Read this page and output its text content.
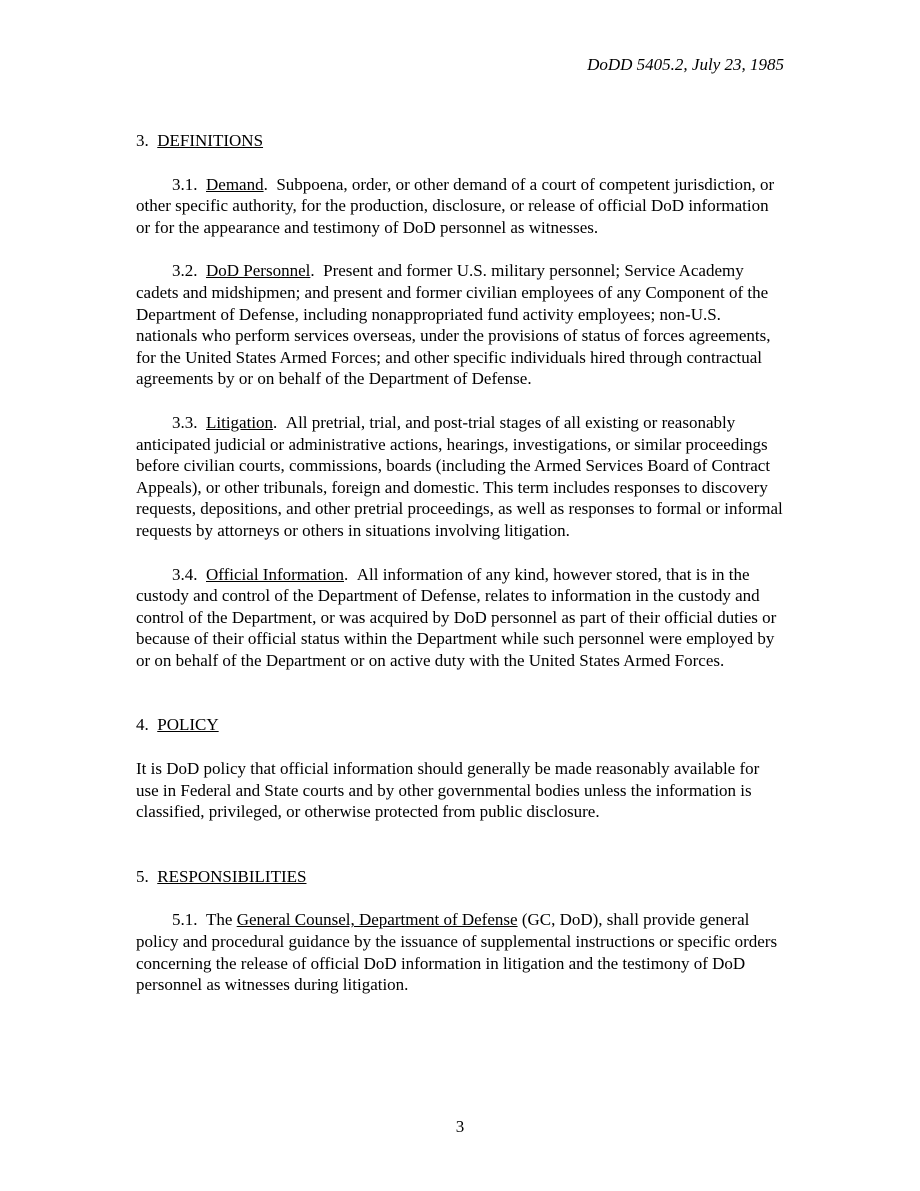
DoDD 5405.2, July 23, 1985

3. DEFINITIONS

3.1. Demand.  Subpoena, order, or other demand of a court of competent jurisdiction, or other specific authority, for the production, disclosure, or release of official DoD information or for the appearance and testimony of DoD personnel as witnesses.

3.2. DoD Personnel.  Present and former U.S. military personnel; Service Academy cadets and midshipmen; and present and former civilian employees of any Component of the Department of Defense, including nonappropriated fund activity employees; non-U.S. nationals who perform services overseas, under the provisions of status of forces agreements, for the United States Armed Forces; and other specific individuals hired through contractual agreements by or on behalf of the Department of Defense.

3.3. Litigation.  All pretrial, trial, and post-trial stages of all existing or reasonably anticipated judicial or administrative actions, hearings, investigations, or similar proceedings before civilian courts, commissions, boards (including the Armed Services Board of Contract Appeals), or other tribunals, foreign and domestic. This term includes responses to discovery requests, depositions, and other pretrial proceedings, as well as responses to formal or informal requests by attorneys or others in situations involving litigation.

3.4. Official Information.  All information of any kind, however stored, that is in the custody and control of the Department of Defense, relates to information in the custody and control of the Department, or was acquired by DoD personnel as part of their official duties or because of their official status within the Department while such personnel were employed by or on behalf of the Department or on active duty with the United States Armed Forces.

4. POLICY

It is DoD policy that official information should generally be made reasonably available for use in Federal and State courts and by other governmental bodies unless the information is classified, privileged, or otherwise protected from public disclosure.

5. RESPONSIBILITIES

5.1. The General Counsel, Department of Defense (GC, DoD), shall provide general policy and procedural guidance by the issuance of supplemental instructions or specific orders concerning the release of official DoD information in litigation and the testimony of DoD personnel as witnesses during litigation.

3
